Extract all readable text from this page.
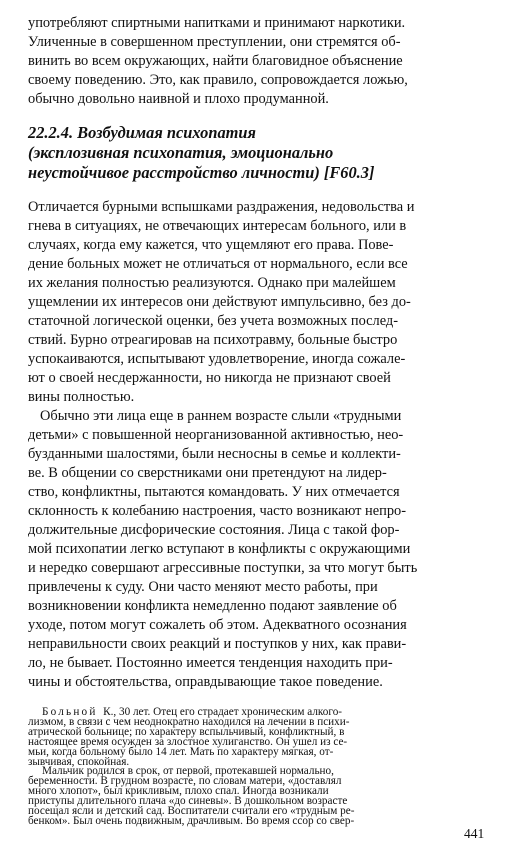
употребляют спиртными напитками и принимают наркотики.
Уличенные в совершенном преступлении, они стремятся об-
винить во всем окружающих, найти благовидное объяснение
своему поведению. Это, как правило, сопровождается ложью,
обычно довольно наивной и плохо продуманной.
22.2.4. Возбудимая психопатия
(эксплозивная психопатия, эмоционально
неустойчивое расстройство личности) [F60.3]
Отличается бурными вспышками раздражения, недовольства и
гнева в ситуациях, не отвечающих интересам больного, или в
случаях, когда ему кажется, что ущемляют его права. Пове-
дение больных может не отличаться от нормального, если все
их желания полностью реализуются. Однако при малейшем
ущемлении их интересов они действуют импульсивно, без до-
статочной логической оценки, без учета возможных послед-
ствий. Бурно отреагировав на психотравму, больные быстро
успокаиваются, испытывают удовлетворение, иногда сожале-
ют о своей несдержанности, но никогда не признают своей
вины полностью.
Обычно эти лица еще в раннем возрасте слыли «трудными
детьми» с повышенной неорганизованной активностью, нео-
бузданными шалостями, были несносны в семье и коллекти-
ве. В общении со сверстниками они претендуют на лидер-
ство, конфликтны, пытаются командовать. У них отмечается
склонность к колебанию настроения, часто возникают непро-
должительные дисфорические состояния. Лица с такой фор-
мой психопатии легко вступают в конфликты с окружающими
и нередко совершают агрессивные поступки, за что могут быть
привлечены к суду. Они часто меняют место работы, при
возникновении конфликта немедленно подают заявление об
уходе, потом могут сожалеть об этом. Адекватного осознания
неправильности своих реакций и поступков у них, как прави-
ло, не бывает. Постоянно имеется тенденция находить при-
чины и обстоятельства, оправдывающие такое поведение.
Больной К., 30 лет. Отец его страдает хроническим алкого-
лизмом, в связи с чем неоднократно находился на лечении в психи-
атрической больнице; по характеру вспыльчивый, конфликтный, в
настоящее время осужден за злостное хулиганство. Он ушел из се-
мьи, когда больному было 14 лет. Мать по характеру мягкая, от-
зывчивая, спокойная.
Мальчик родился в срок, от первой, протекавшей нормально,
беременности. В грудном возрасте, по словам матери, «доставлял
много хлопот», был крикливым, плохо спал. Иногда возникали
приступы длительного плача «до синевы». В дошкольном возрасте
посещал ясли и детский сад. Воспитатели считали его «трудным ре-
бенком». Был очень подвижным, драчливым. Во время ссор со свер-
441
